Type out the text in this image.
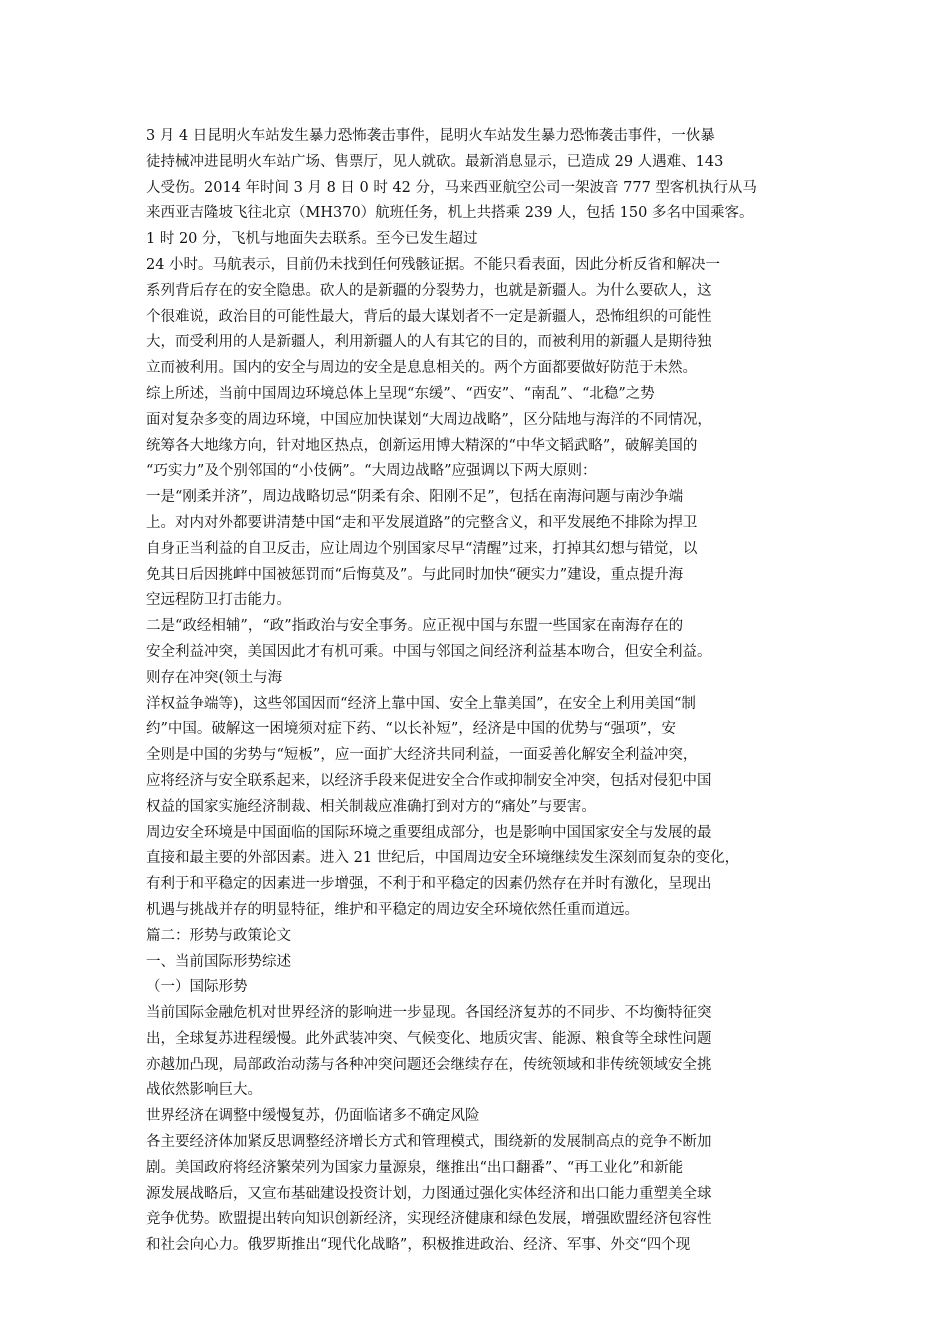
3 月 4 日昆明火车站发生暴力恐怖袭击事件，昆明火车站发生暴力恐怖袭击事件，一伙暴
徒持械冲进昆明火车站广场、售票厅，见人就砍。最新消息显示，已造成 29 人遇难、143
人受伤。2014 年时间 3 月 8 日 0 时 42 分，马来西亚航空公司一架波音 777 型客机执行从马
来西亚吉隆坡飞往北京（MH370）航班任务，机上共搭乘 239 人，包括 150 多名中国乘客。
1 时 20 分，飞机与地面失去联系。至今已发生超过
24 小时。马航表示，目前仍未找到任何残骸证据。不能只看表面，因此分析反省和解决一
系列背后存在的安全隐患。砍人的是新疆的分裂势力，也就是新疆人。为什么要砍人，这
个很难说，政治目的可能性最大，背后的最大谋划者不一定是新疆人，恐怖组织的可能性
大，而受利用的人是新疆人，利用新疆人的人有其它的目的，而被利用的新疆人是期待独
立而被利用。国内的安全与周边的安全是息息相关的。两个方面都要做好防范于未然。
综上所述，当前中国周边环境总体上呈现“东缓”、“西安”、“南乱”、“北稳”之势
面对复杂多变的周边环境，中国应加快谋划“大周边战略”，区分陆地与海洋的不同情况，
统筹各大地缘方向，针对地区热点，创新运用博大精深的“中华文韬武略”，破解美国的
“巧实力”及个别邻国的“小伎俩”。“大周边战略”应强调以下两大原则：
一是“刚柔并济”，周边战略切忌“阴柔有余、阳刚不足”，包括在南海问题与南沙争端
上。对内对外都要讲清楚中国“走和平发展道路”的完整含义，和平发展绝不排除为捍卫
自身正当利益的自卫反击，应让周边个别国家尽早“清醒”过来，打掉其幻想与错觉，以
免其日后因挑衅中国被惩罚而“后悔莫及”。与此同时加快“硬实力”建设，重点提升海
空远程防卫打击能力。
二是“政经相辅”，“政”指政治与安全事务。应正视中国与东盟一些国家在南海存在的
安全利益冲突，美国因此才有机可乘。中国与邻国之间经济利益基本吻合，但安全利益。
则存在冲突(领土与海
洋权益争端等)，这些邻国因而“经济上靠中国、安全上靠美国”，在安全上利用美国“制
约”中国。破解这一困境须对症下药、“以长补短”，经济是中国的优势与“强项”，安
全则是中国的劣势与“短板”，应一面扩大经济共同利益，一面妥善化解安全利益冲突，
应将经济与安全联系起来，以经济手段来促进安全合作或抑制安全冲突，包括对侵犯中国
权益的国家实施经济制裁、相关制裁应准确打到对方的“痛处”与要害。
周边安全环境是中国面临的国际环境之重要组成部分，也是影响中国国家安全与发展的最
直接和最主要的外部因素。进入 21 世纪后，中国周边安全环境继续发生深刻而复杂的变化，
有利于和平稳定的因素进一步增强，不利于和平稳定的因素仍然存在并时有激化，呈现出
机遇与挑战并存的明显特征，维护和平稳定的周边安全环境依然任重而道远。
篇二：形势与政策论文
一、当前国际形势综述
（一）国际形势
当前国际金融危机对世界经济的影响进一步显现。各国经济复苏的不同步、不均衡特征突
出，全球复苏进程缓慢。此外武装冲突、气候变化、地质灾害、能源、粮食等全球性问题
亦越加凸现，局部政治动荡与各种冲突问题还会继续存在，传统领域和非传统领域安全挑
战依然影响巨大。
世界经济在调整中缓慢复苏，仍面临诸多不确定风险
各主要经济体加紧反思调整经济增长方式和管理模式，围绕新的发展制高点的竞争不断加
剧。美国政府将经济繁荣列为国家力量源泉，继推出“出口翻番”、“再工业化”和新能
源发展战略后，又宣布基础建设投资计划，力图通过强化实体经济和出口能力重塑美全球
竞争优势。欧盟提出转向知识创新经济，实现经济健康和绿色发展，增强欧盟经济包容性
和社会向心力。俄罗斯推出“现代化战略”，积极推进政治、经济、军事、外交“四个现
